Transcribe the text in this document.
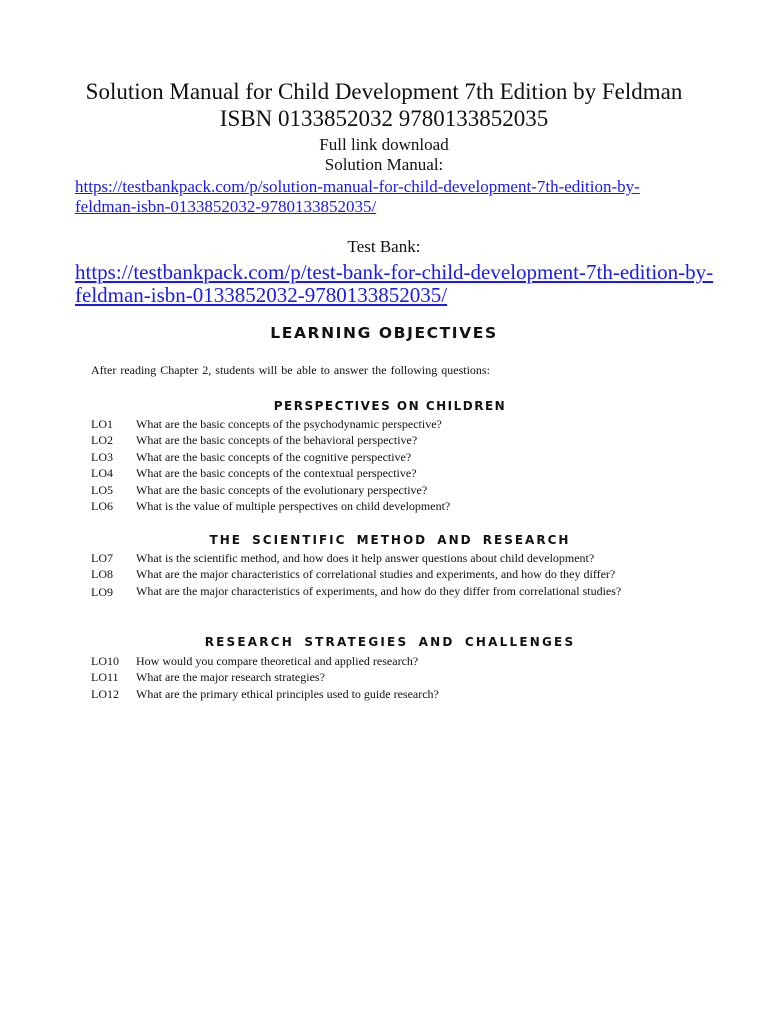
Solution Manual for Child Development 7th Edition by Feldman
ISBN 0133852032 9780133852035
Full link download
Solution Manual:
https://testbankpack.com/p/solution-manual-for-child-development-7th-edition-by-
feldman-isbn-0133852032-9780133852035/
Test Bank:
https://testbankpack.com/p/test-bank-for-child-development-7th-edition-by-
feldman-isbn-0133852032-9780133852035/
LEARNING OBJECTIVES
After reading Chapter 2, students will be able to answer the following questions:
PERSPECTIVES ON CHILDREN
LO1	What are the basic concepts of the psychodynamic perspective?
LO2	What are the basic concepts of the behavioral perspective?
LO3	What are the basic concepts of the cognitive perspective?
LO4	What are the basic concepts of the contextual perspective?
LO5	What are the basic concepts of the evolutionary perspective?
LO6	What is the value of multiple perspectives on child development?
THE SCIENTIFIC METHOD AND RESEARCH
LO7	What is the scientific method, and how does it help answer questions about child development?
LO8	What are the major characteristics of correlational studies and experiments, and how do they differ?
LO9	What are the major characteristics of experiments, and how do they differ from correlational studies?
RESEARCH STRATEGIES AND CHALLENGES
LO10	How would you compare theoretical and applied research?
LO11	What are the major research strategies?
LO12	What are the primary ethical principles used to guide research?
